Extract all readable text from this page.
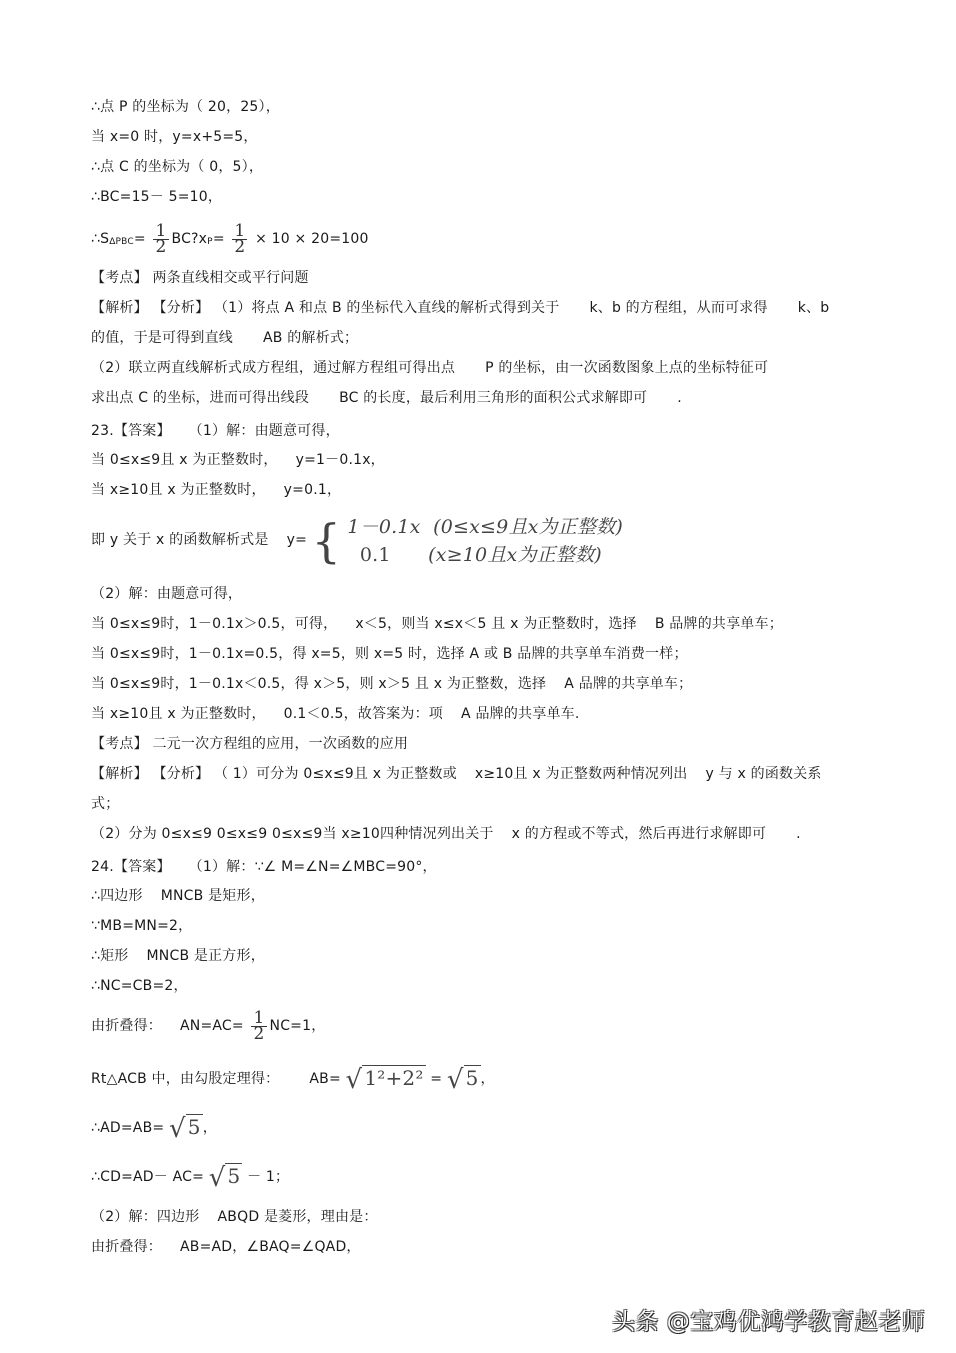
∴点 P 的坐标为（ 20，25），
当 x=0 时，y=x+5=5，
∴点 C 的坐标为（ 0，5），
∴BC=15－ 5=10，
∴SΔPBC= $\frac{1}{2}$ BC?xP= $\frac{1}{2} \times 10 \times 20=100$
【考点】 两条直线相交或平行问题
【解析】 【分析】 （1）将点 A 和点 B 的坐标代入直线的解析式得到关于 k、b 的方程组，从而可求得 k、b
的值，于是可得到直线 AB 的解析式；
（2）联立两直线解析式成方程组，通过解方程组可得出点 P 的坐标，由一次函数图象上点的坐标特征可
求出点 C 的坐标，进而可得出线段 BC 的长度，最后利用三角形的面积公式求解即可 .
23.【答案】 （1）解：由题意可得，
当 0≤x≤9且 x 为正整数时， y=1－0.1x，
当 x≥10且 x 为正整数时， y=0.1，
即 y 关于 x 的函数解析式是 y= { 1－0.1x (0≤x≤9且x为正整数)
0.1 (x≥10且x为正整数)
（2）解：由题意可得，
当 0≤x≤9时，1－0.1x＞0.5，可得， x＜5，则当 x≤x＜5 且 x 为正整数时，选择 B 品牌的共享单车；
当 0≤x≤9时，1－0.1x=0.5，得 x=5，则 x=5 时，选择 A 或 B 品牌的共享单车消费一样；
当 0≤x≤9时，1－0.1x＜0.5，得 x＞5，则 x＞5 且 x 为正整数，选择 A 品牌的共享单车；
当 x≥10且 x 为正整数时， 0.1＜0.5，故答案为：项 A 品牌的共享单车.
【考点】 二元一次方程组的应用，一次函数的应用
【解析】 【分析】 （ 1）可分为 0≤x≤9且 x 为正整数或 x≥10且 x 为正整数两种情况列出 y 与 x 的函数关系
式；
（2）分为 0≤x≤9 0≤x≤9 0≤x≤9当 x≥10四种情况列出关于 x 的方程或不等式，然后再进行求解即可 .
24.【答案】 （1）解：∵∠ M=∠N=∠MBC=90°，
∴四边形 MNCB 是矩形，
∵MB=MN=2，
∴矩形 MNCB 是正方形，
∴NC=CB=2，
由折叠得： $AN=AC= \frac{1}{2} NC=1$，
Rt△ACB 中，由勾股定理得： AB= √ 1²+2² = √ 5 ，
∴AD=AB= √ 5 ，
∴CD=AD－ AC= √ 5 － 1；
（2）解：四边形 ABQD 是菱形，理由是：
由折叠得： AB=AD，∠BAQ=∠QAD，
头条 @宝鸡优鸿学教育赵老师
